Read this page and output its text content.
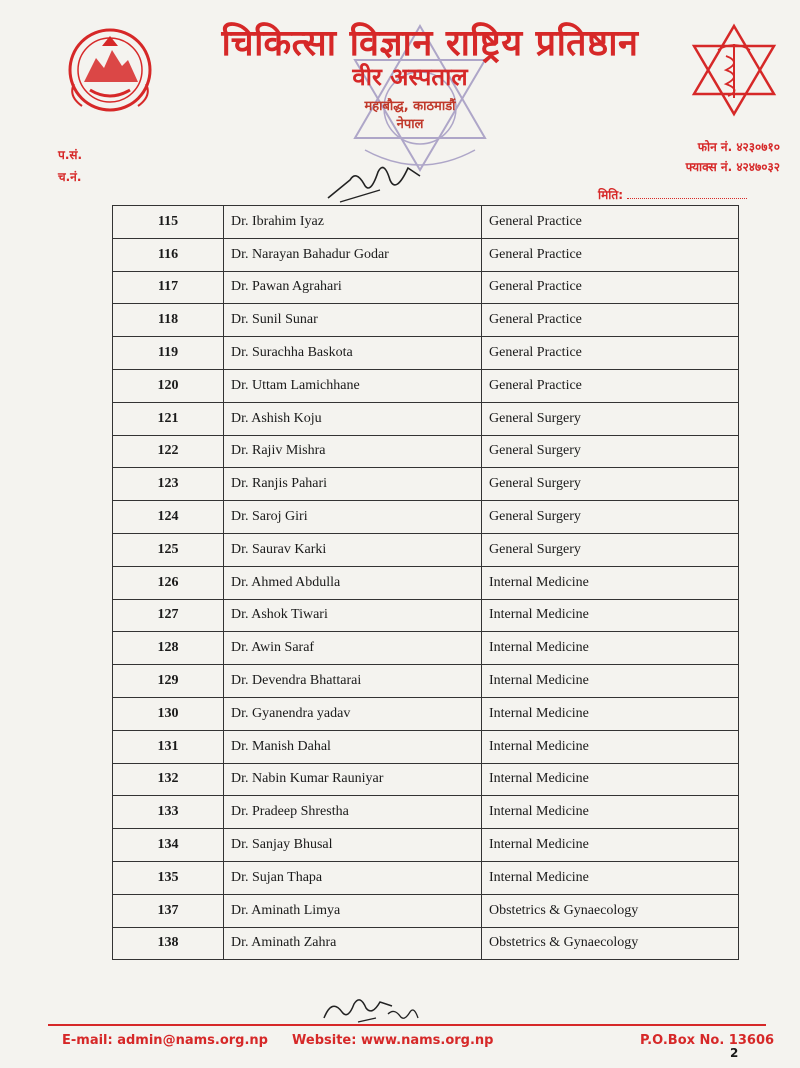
चिकित्सा विज्ञान राष्ट्रिय प्रतिष्ठान
वीर अस्पताल
महाबौद्ध, काठमाडौं
नेपाल
प.सं.
च.नं.
फोन नं. ४२३०७१०
फ्याक्स नं. ४२४७०३२
मिति:
115	Dr. Ibrahim Iyaz	General Practice
116	Dr. Narayan Bahadur Godar	General Practice
117	Dr. Pawan Agrahari	General Practice
118	Dr. Sunil Sunar	General Practice
119	Dr. Surachha Baskota	General Practice
120	Dr. Uttam Lamichhane	General Practice
121	Dr. Ashish Koju	General Surgery
122	Dr. Rajiv Mishra	General Surgery
123	Dr. Ranjis Pahari	General Surgery
124	Dr. Saroj Giri	General Surgery
125	Dr. Saurav Karki	General Surgery
126	Dr. Ahmed Abdulla	Internal Medicine
127	Dr. Ashok Tiwari	Internal Medicine
128	Dr. Awin Saraf	Internal Medicine
129	Dr. Devendra Bhattarai	Internal Medicine
130	Dr. Gyanendra yadav	Internal Medicine
131	Dr. Manish Dahal	Internal Medicine
132	Dr. Nabin Kumar Rauniyar	Internal Medicine
133	Dr. Pradeep Shrestha	Internal Medicine
134	Dr. Sanjay Bhusal	Internal Medicine
135	Dr. Sujan Thapa	Internal Medicine
137	Dr. Aminath Limya	Obstetrics & Gynaecology
138	Dr. Aminath Zahra	Obstetrics & Gynaecology
E-mail: admin@nams.org.np Website: www.nams.org.np	P.O.Box No. 13606
2
